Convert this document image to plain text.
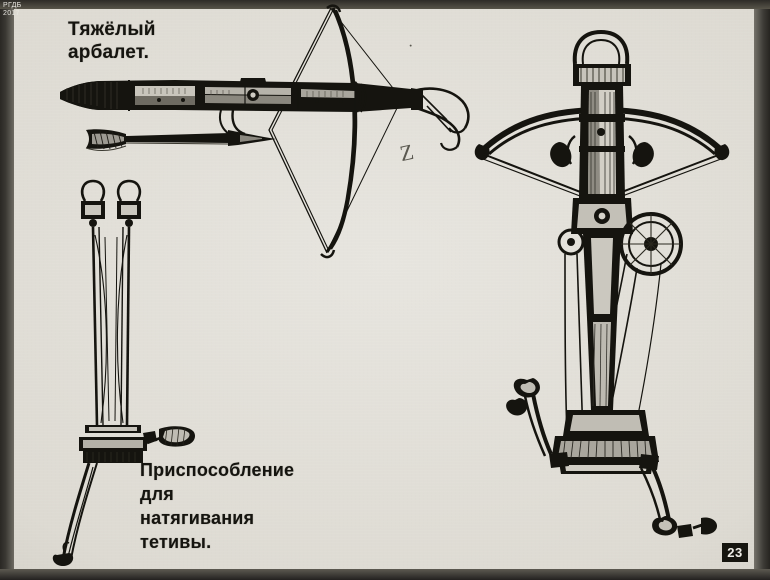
Z
·
Тяжёлый
арбалет.
Приспособление
для
натягивания
тетивы.
РГДБ
2017
23
